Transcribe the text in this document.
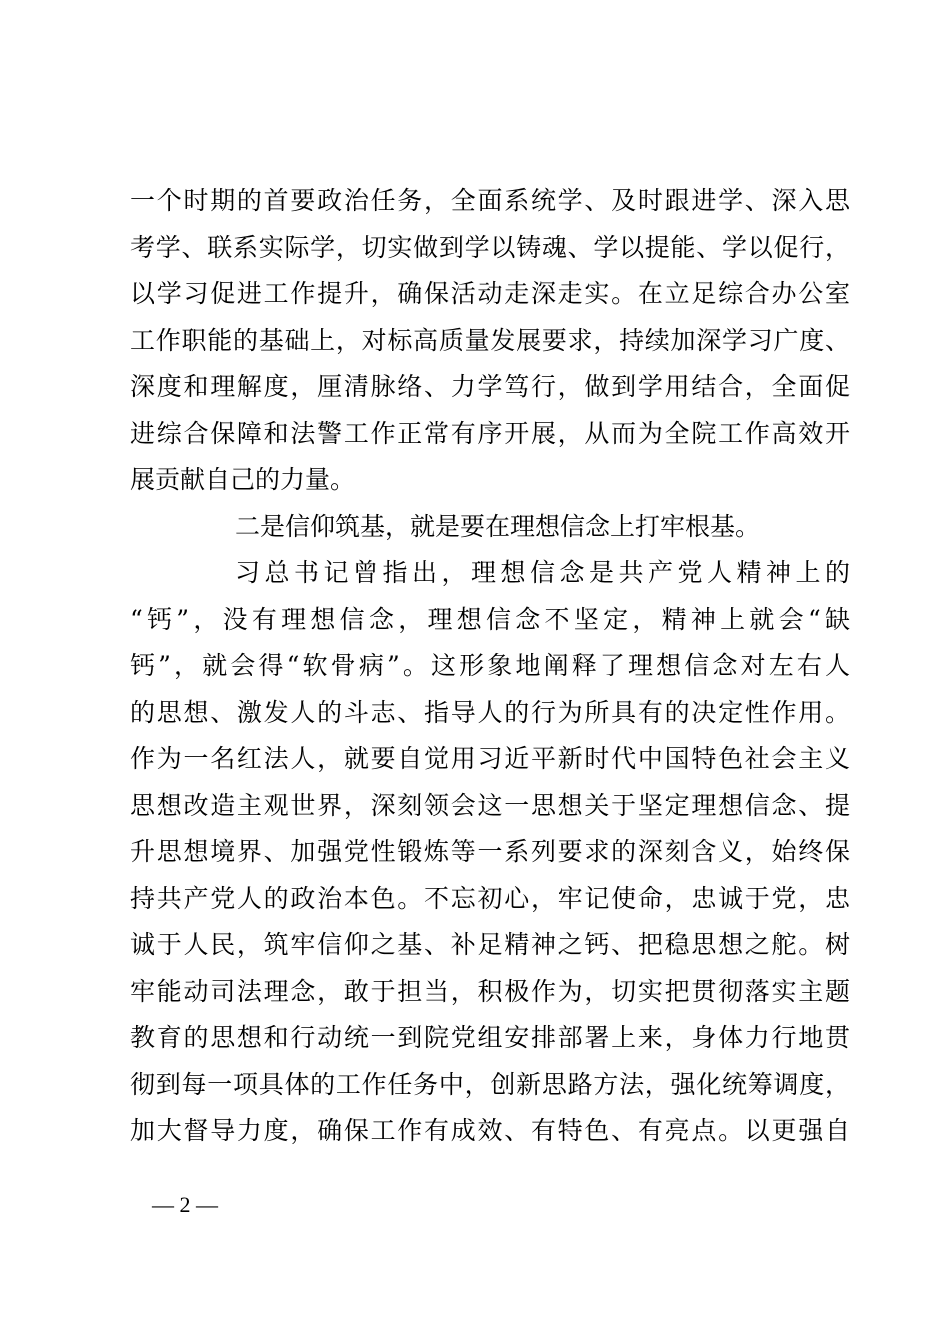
一个时期的首要政治任务，全面系统学、及时跟进学、深入思
考学、联系实际学，切实做到学以铸魂、学以提能、学以促行，
以学习促进工作提升，确保活动走深走实。在立足综合办公室
工作职能的基础上，对标高质量发展要求，持续加深学习广度、
深度和理解度，厘清脉络、力学笃行，做到学用结合，全面促
进综合保障和法警工作正常有序开展，从而为全院工作高效开
展贡献自己的力量。
二是信仰筑基，就是要在理想信念上打牢根基。
习总书记曾指出，理想信念是共产党人精神上的
“钙”，没有理想信念，理想信念不坚定，精神上就会“缺
钙”，就会得“软骨病”。这形象地阐释了理想信念对左右人
的思想、激发人的斗志、指导人的行为所具有的决定性作用。
作为一名红法人，就要自觉用习近平新时代中国特色社会主义
思想改造主观世界，深刻领会这一思想关于坚定理想信念、提
升思想境界、加强党性锻炼等一系列要求的深刻含义，始终保
持共产党人的政治本色。不忘初心，牢记使命，忠诚于党，忠
诚于人民，筑牢信仰之基、补足精神之钙、把稳思想之舵。树
牢能动司法理念，敢于担当，积极作为，切实把贯彻落实主题
教育的思想和行动统一到院党组安排部署上来，身体力行地贯
彻到每一项具体的工作任务中，创新思路方法，强化统筹调度，
加大督导力度，确保工作有成效、有特色、有亮点。以更强自
— 2 —
